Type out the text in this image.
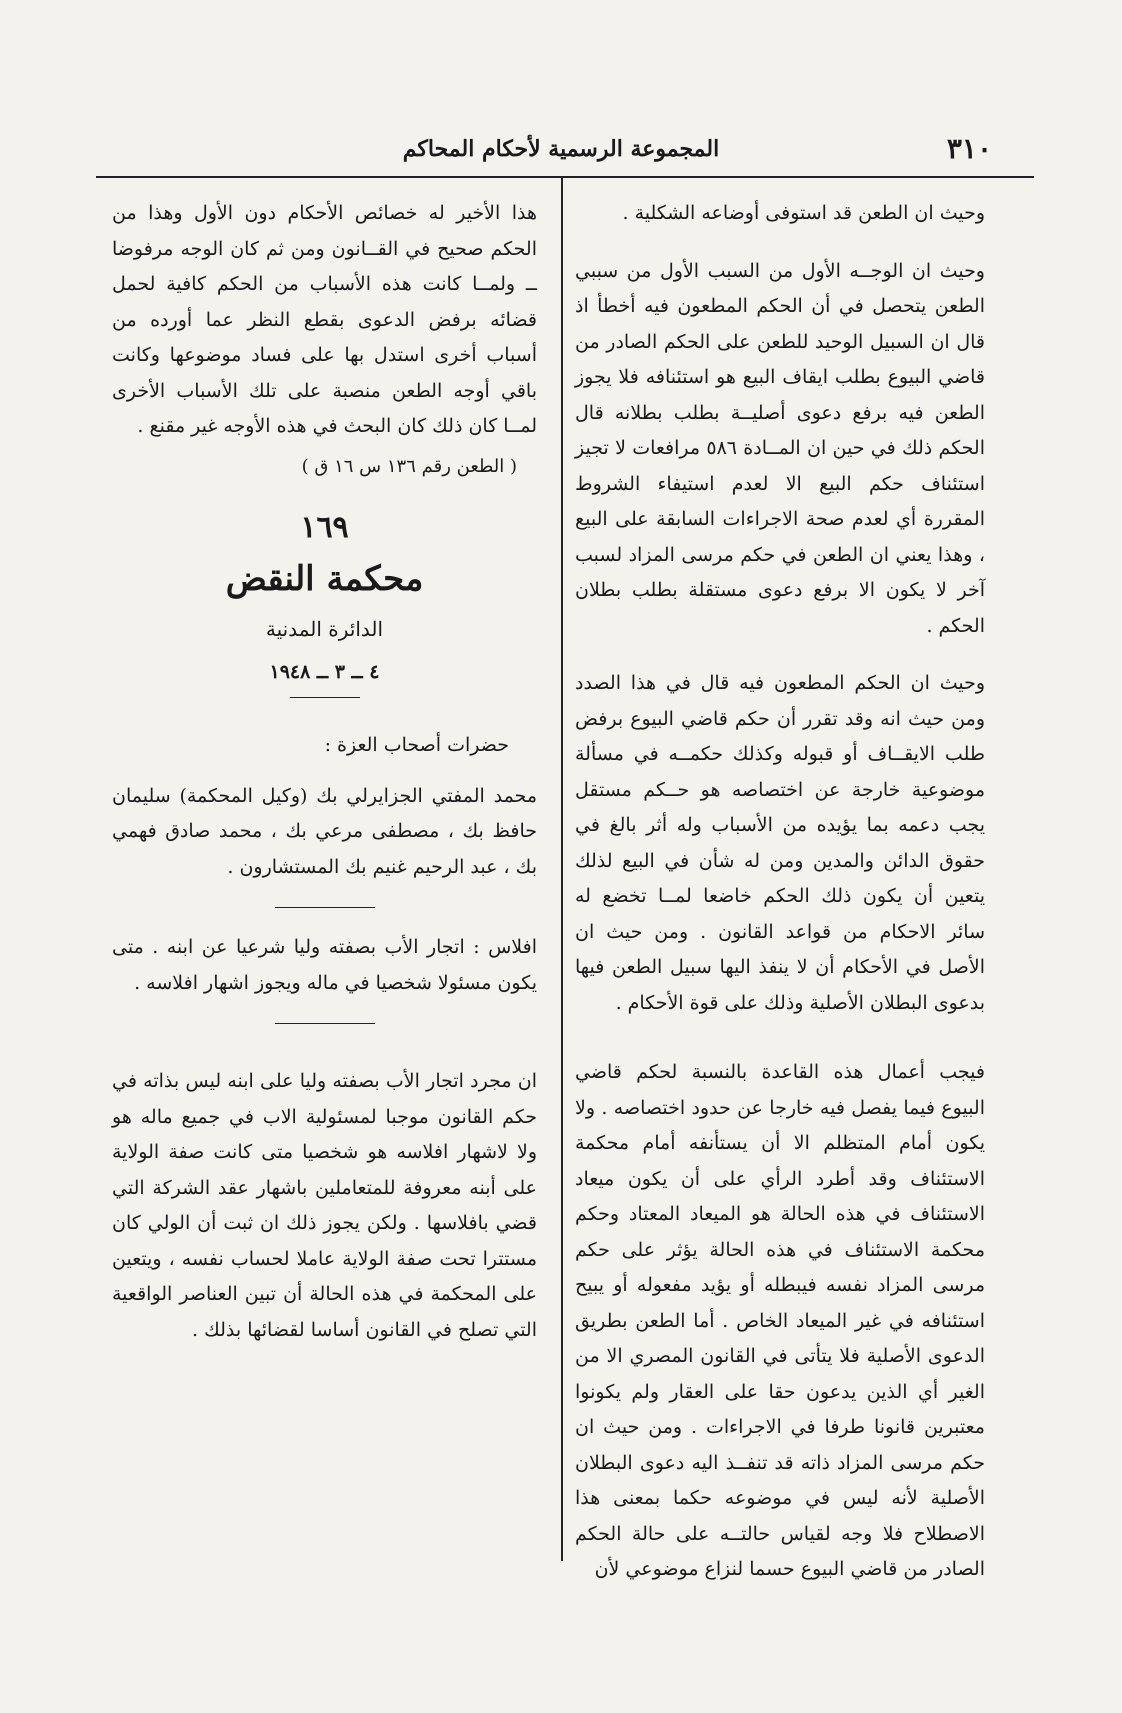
٣١٠
المجموعة الرسمية لأحكام المحاكم

وحيث ان الطعن قد استوفى أوضاعه الشكلية .

وحيث ان الوجــه الأول من السبب الأول من سببي الطعن يتحصل في أن الحكم المطعون فيه أخطأ اذ قال ان السبيل الوحيد للطعن على الحكم الصادر من قاضي البيوع بطلب ايقاف البيع هو استئنافه فلا يجوز الطعن فيه برفع دعوى أصليــة بطلب بطلانه قال الحكم ذلك في حين ان المــادة ٥٨٦ مرافعات لا تجيز استئناف حكم البيع الا لعدم استيفاء الشروط المقررة أي لعدم صحة الاجراءات السابقة على البيع ، وهذا يعني ان الطعن في حكم مرسى المزاد لسبب آخر لا يكون الا برفع دعوى مستقلة بطلب بطلان الحكم .

وحيث ان الحكم المطعون فيه قال في هذا الصدد ومن حيث انه وقد تقرر أن حكم قاضي البيوع برفض طلب الايقــاف أو قبوله وكذلك حكمــه في مسألة موضوعية خارجة عن اختصاصه هو حــكم مستقل يجب دعمه بما يؤيده من الأسباب وله أثر بالغ في حقوق الدائن والمدين ومن له شأن في البيع لذلك يتعين أن يكون ذلك الحكم خاضعا لمــا تخضع له سائر الاحكام من قواعد القانون . ومن حيث ان الأصل في الأحكام أن لا ينفذ اليها سبيل الطعن فيها بدعوى البطلان الأصلية وذلك على قوة الأحكام .

فيجب أعمال هذه القاعدة بالنسبة لحكم قاضي البيوع فيما يفصل فيه خارجا عن حدود اختصاصه . ولا يكون أمام المتظلم الا أن يستأنفه أمام محكمة الاستئناف وقد أطرد الرأي على أن يكون ميعاد الاستئناف في هذه الحالة هو الميعاد المعتاد وحكم محكمة الاستئناف في هذه الحالة يؤثر على حكم مرسى المزاد نفسه فيبطله أو يؤيد مفعوله أو يبيح استئنافه في غير الميعاد الخاص . أما الطعن بطريق الدعوى الأصلية فلا يتأتى في القانون المصري الا من الغير أي الذين يدعون حقا على العقار ولم يكونوا معتبرين قانونا طرفا في الاجراءات . ومن حيث ان حكم مرسى المزاد ذاته قد تنفــذ اليه دعوى البطلان الأصلية لأنه ليس في موضوعه حكما بمعنى هذا الاصطلاح فلا وجه لقياس حالتــه على حالة الحكم الصادر من قاضي البيوع حسما لنزاع موضوعي لأن

هذا الأخير له خصائص الأحكام دون الأول وهذا من الحكم صحيح في القــانون ومن ثم كان الوجه مرفوضا ــ ولمــا كانت هذه الأسباب من الحكم كافية لحمل قضائه برفض الدعوى بقطع النظر عما أورده من أسباب أخرى استدل بها على فساد موضوعها وكانت باقي أوجه الطعن منصبة على تلك الأسباب الأخرى لمــا كان ذلك كان البحث في هذه الأوجه غير مقنع .

( الطعن رقم ١٣٦ س ١٦ ق )

١٦٩

محكمة النقض

الدائرة المدنية

٤ ــ ٣ ــ ١٩٤٨

حضرات أصحاب العزة :

محمد المفتي الجزايرلي بك (وكيل المحكمة) سليمان حافظ بك ، مصطفى مرعي بك ، محمد صادق فهمي بك ، عبد الرحيم غنيم بك المستشارون .

افلاس : اتجار الأب بصفته وليا شرعيا عن ابنه . متى يكون مسئولا شخصيا في ماله ويجوز اشهار افلاسه .

ان مجرد اتجار الأب بصفته وليا على ابنه ليس بذاته في حكم القانون موجبا لمسئولية الاب في جميع ماله هو ولا لاشهار افلاسه هو شخصيا متى كانت صفة الولاية على أبنه معروفة للمتعاملين باشهار عقد الشركة التي قضي بافلاسها . ولكن يجوز ذلك ان ثبت أن الولي كان مستترا تحت صفة الولاية عاملا لحساب نفسه ، ويتعين على المحكمة في هذه الحالة أن تبين العناصر الواقعية التي تصلح في القانون أساسا لقضائها بذلك .
